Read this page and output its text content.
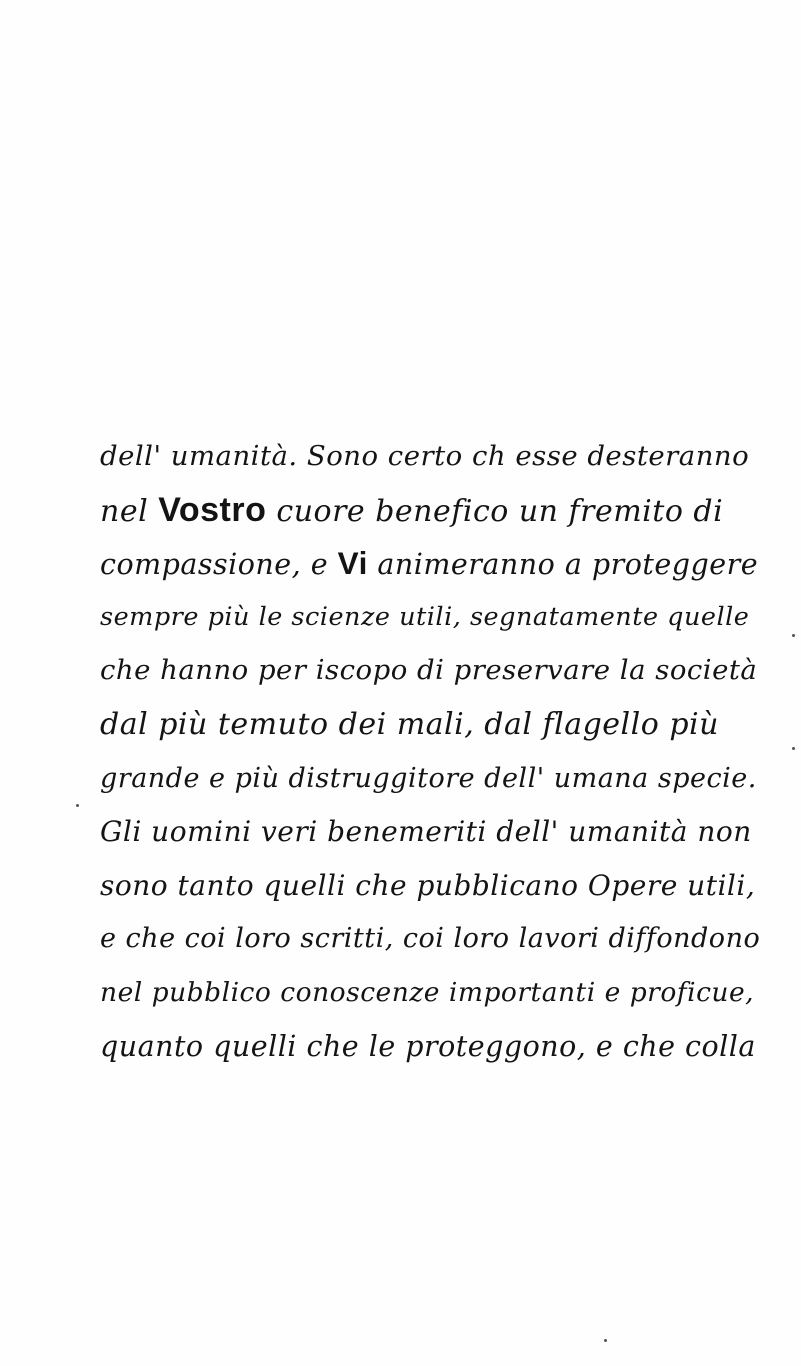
dell' umanità. Sono certo ch esse desteranno
nel Vostro cuore benefico un fremito di
compassione, e Vi animeranno a proteggere
sempre più le scienze utili, segnatamente quelle
che hanno per iscopo di preservare la società
dal più temuto dei mali, dal flagello più
grande e più distruggitore dell' umana specie.
Gli uomini veri benemeriti dell' umanità non
sono tanto quelli che pubblicano Opere utili,
e che coi loro scritti, coi loro lavori diffondono
nel pubblico conoscenze importanti e proficue,
quanto quelli che le proteggono, e che colla
